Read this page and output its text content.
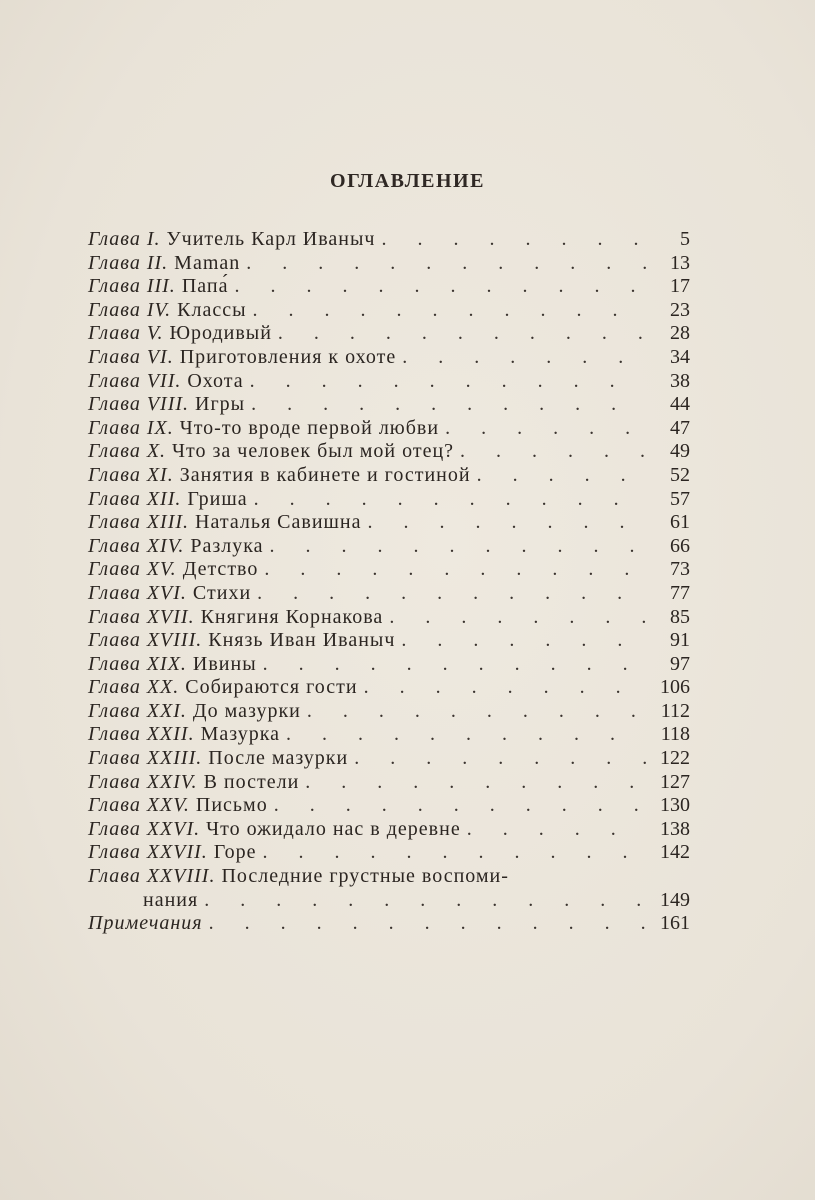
ОГЛАВЛЕНИЕ
Глава I. Учитель Карл Иваныч . . .	5
Глава II. Maman . . .	13
Глава III. Папа́ . . .	17
Глава IV. Классы . . .	23
Глава V. Юродивый . . .	28
Глава VI. Приготовления к охоте . . .	34
Глава VII. Охота . . .	38
Глава VIII. Игры . . .	44
Глава IX. Что-то вроде первой любви . . .	47
Глава X. Что за человек был мой отец? . . .	49
Глава XI. Занятия в кабинете и гостиной . . .	52
Глава XII. Гриша . . .	57
Глава XIII. Наталья Савишна . . .	61
Глава XIV. Разлука . . .	66
Глава XV. Детство . . .	73
Глава XVI. Стихи . . .	77
Глава XVII. Княгиня Корнакова . . .	85
Глава XVIII. Князь Иван Иваныч . . .	91
Глава XIX. Ивины . . .	97
Глава XX. Собираются гости . . .	106
Глава XXI. До мазурки . . .	112
Глава XXII. Мазурка . . .	118
Глава XXIII. После мазурки . . .	122
Глава XXIV. В постели . . .	127
Глава XXV. Письмо . . .	130
Глава XXVI. Что ожидало нас в деревне . . .	138
Глава XXVII. Горе . . .	142
Глава XXVIII. Последние грустные воспоми-
нания . . .	149
Примечания . . .	161
